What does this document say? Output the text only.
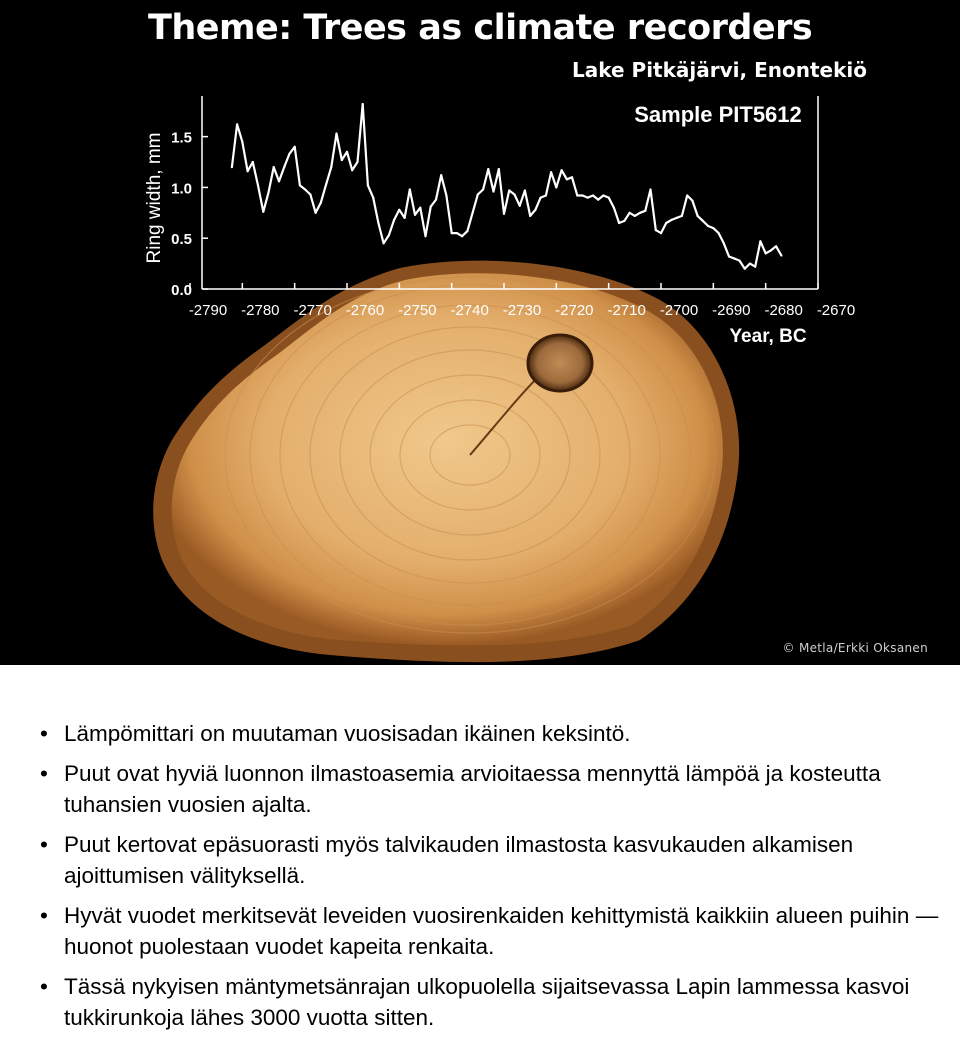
0.0
0.5
1.0
1.5
-2790 -2780 -2770 -2760 -2750 -2740 -2730 -2720 -2710 -2700 -2690 -2680 -2670
Sample PIT5612
Ring width, mm
Year, BC
Theme: Trees as climate recorders
Lake Pitkäjärvi, Enontekiö
© Metla/Erkki Oksanen
• Lämpömittari on muutaman vuosisadan ikäinen keksintö.
• Puut ovat hyviä luonnon ilmastoasemia arvioitaessa mennyttä lämpöä ja kosteutta tuhansien vuosien ajalta.
• Puut kertovat epäsuorasti myös talvikauden ilmastosta kasvukauden alkamisen ajoittumisen välityksellä.
• Hyvät vuodet merkitsevät leveiden vuosirenkaiden kehittymistä kaikkiin alueen puihin — huonot puolestaan vuodet kapeita renkaita.
• Tässä nykyisen mäntymetsänrajan ulkopuolella sijaitsevassa Lapin lammessa kasvoi tukkirunkoja lähes 3000 vuotta sitten.
